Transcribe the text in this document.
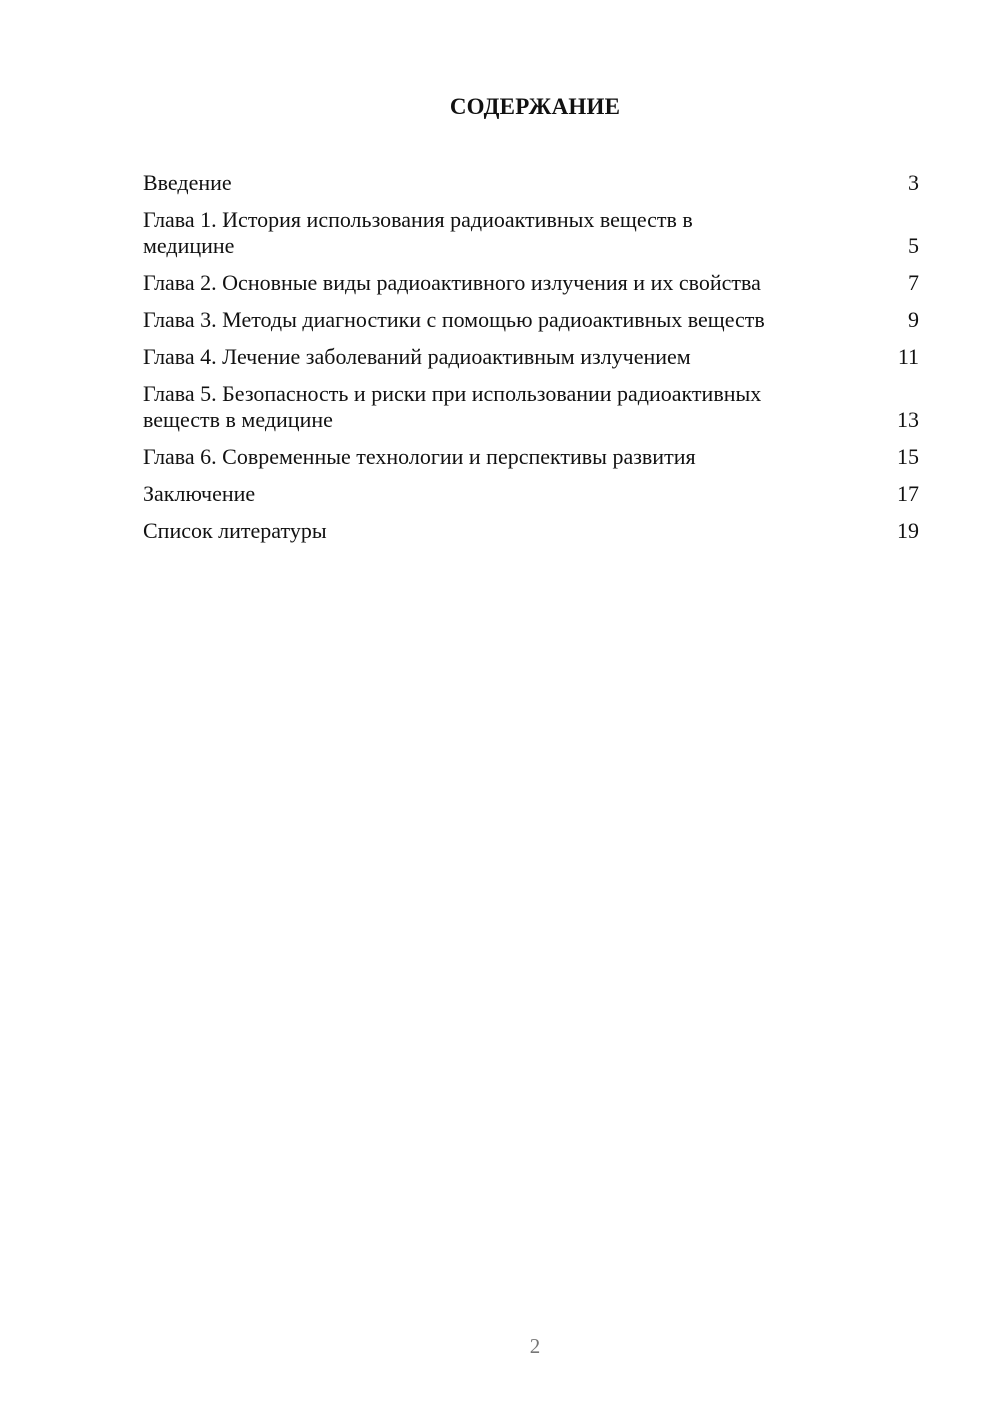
СОДЕРЖАНИЕ
Введение	3
Глава 1. История использования радиоактивных веществ в медицине	5
Глава 2. Основные виды радиоактивного излучения и их свойства	7
Глава 3. Методы диагностики с помощью радиоактивных веществ	9
Глава 4. Лечение заболеваний радиоактивным излучением	11
Глава 5. Безопасность и риски при использовании радиоактивных веществ в медицине	13
Глава 6. Современные технологии и перспективы развития	15
Заключение	17
Список литературы	19
2
